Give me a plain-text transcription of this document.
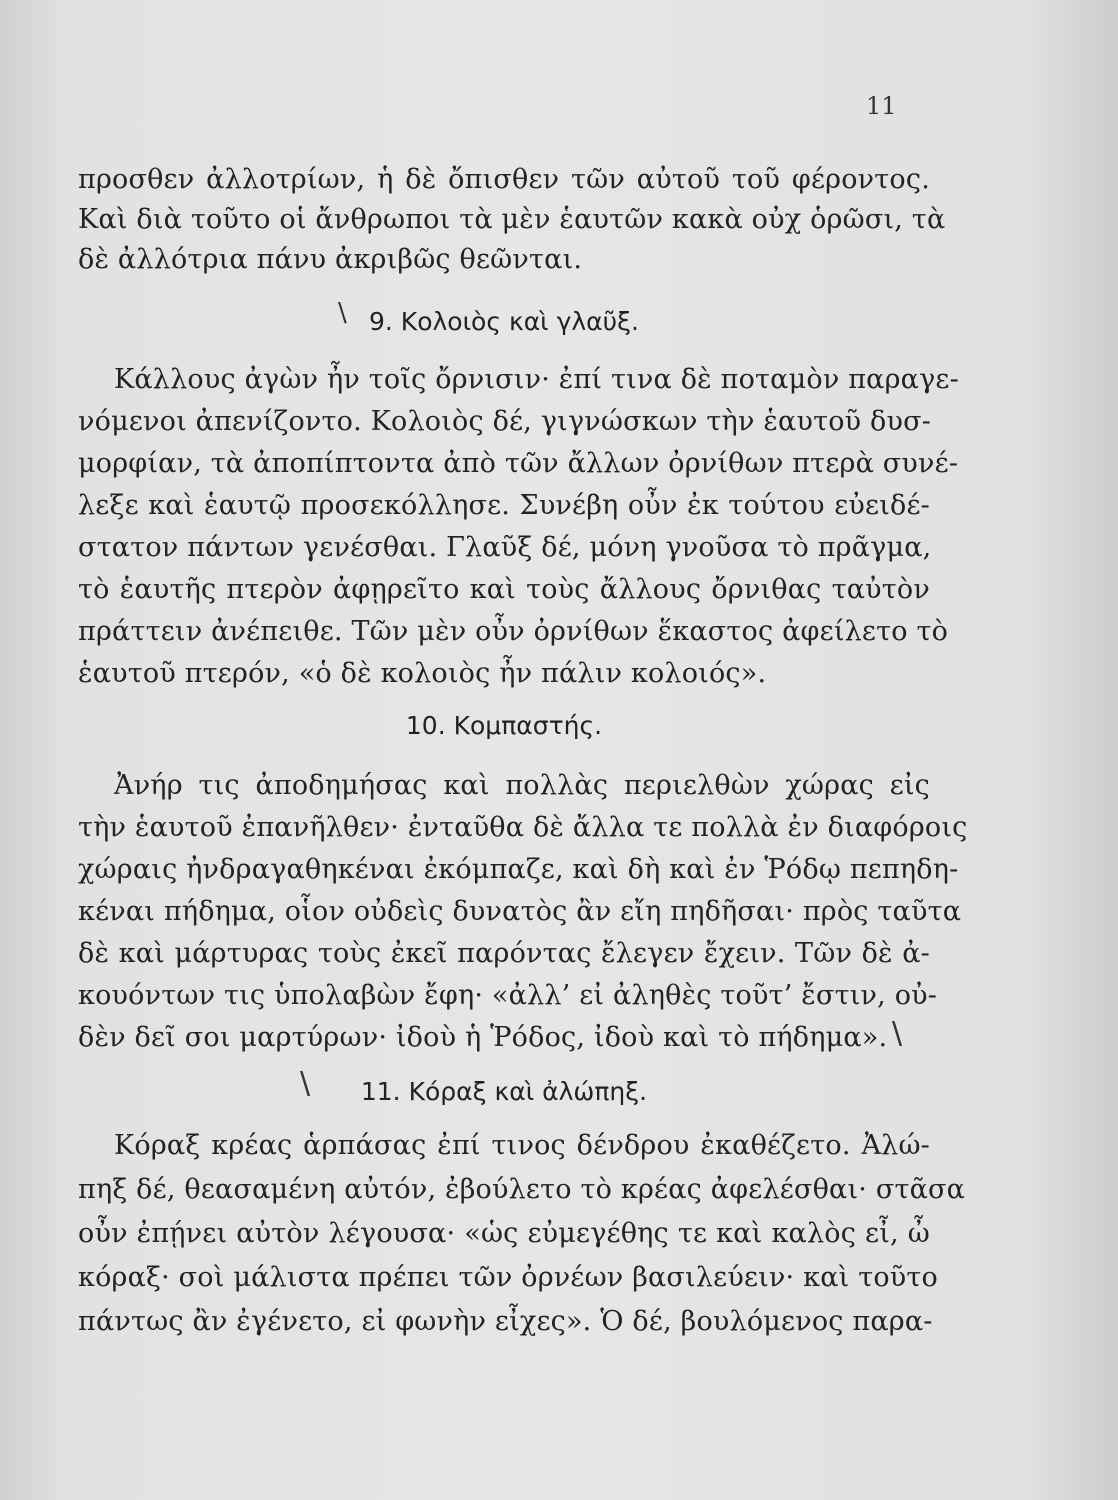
11
προσθεν ἀλλοτρίων, ἡ δὲ ὄπισθεν τῶν αὐτοῦ τοῦ φέροντος.
Καὶ διὰ τοῦτο οἱ ἄνθρωποι τὰ μὲν ἑαυτῶν κακὰ οὐχ ὁρῶσι, τὰ
δὲ ἀλλότρια πάνυ ἀκριβῶς θεῶνται.
\ 9. Κολοιὸς καὶ γλαῦξ.
Κάλλους ἀγὼν ἦν τοῖς ὄρνισιν· ἐπί τινα δὲ ποταμὸν παραγε-
νόμενοι ἀπενίζοντο. Κολοιὸς δέ, γιγνώσκων τὴν ἑαυτοῦ δυσ-
μορφίαν, τὰ ἀποπίπτοντα ἀπὸ τῶν ἄλλων ὀρνίθων πτερὰ συνέ-
λεξε καὶ ἑαυτῷ προσεκόλλησε. Συνέβη οὖν ἐκ τούτου εὐειδέ-
στατον πάντων γενέσθαι. Γλαῦξ δέ, μόνη γνοῦσα τὸ πρᾶγμα,
τὸ ἑαυτῆς πτερὸν ἀφῃρεῖτο καὶ τοὺς ἄλλους ὄρνιθας ταὐτὸν
πράττειν ἀνέπειθε. Τῶν μὲν οὖν ὀρνίθων ἕκαστος ἀφείλετο τὸ
ἑαυτοῦ πτερόν, «ὁ δὲ κολοιὸς ἦν πάλιν κολοιός».
10. Κομπαστής.
Ἀνήρ τις ἀποδημήσας καὶ πολλὰς περιελθὼν χώρας εἰς
τὴν ἑαυτοῦ ἐπανῆλθεν· ἐνταῦθα δὲ ἄλλα τε πολλὰ ἐν διαφόροις
χώραις ἠνδραγαθηκέναι ἐκόμπαζε, καὶ δὴ καὶ ἐν Ῥόδῳ πεπηδη-
κέναι πήδημα, οἷον οὐδεὶς δυνατὸς ἂν εἴη πηδῆσαι· πρὸς ταῦτα
δὲ καὶ μάρτυρας τοὺς ἐκεῖ παρόντας ἔλεγεν ἔχειν. Τῶν δὲ ἀ-
κουόντων τις ὑπολαβὼν ἔφη· «ἀλλ’ εἰ ἀληθὲς τοῦτ’ ἔστιν, οὐ-
δὲν δεῖ σοι μαρτύρων· ἰδοὺ ἡ Ῥόδος, ἰδοὺ καὶ τὸ πήδημα». \
\	11. Κόραξ καὶ ἀλώπηξ.
Κόραξ κρέας ἁρπάσας ἐπί τινος δένδρου ἐκαθέζετο. Ἀλώ-
πηξ δέ, θεασαμένη αὐτόν, ἐβούλετο τὸ κρέας ἀφελέσθαι· στᾶσα
οὖν ἐπῄνει αὐτὸν λέγουσα· «ὡς εὐμεγέθης τε καὶ καλὸς εἶ, ὦ
κόραξ· σοὶ μάλιστα πρέπει τῶν ὀρνέων βασιλεύειν· καὶ τοῦτο
πάντως ἂν ἐγένετο, εἰ φωνὴν εἶχες». Ὁ δέ, βουλόμενος παρα-
